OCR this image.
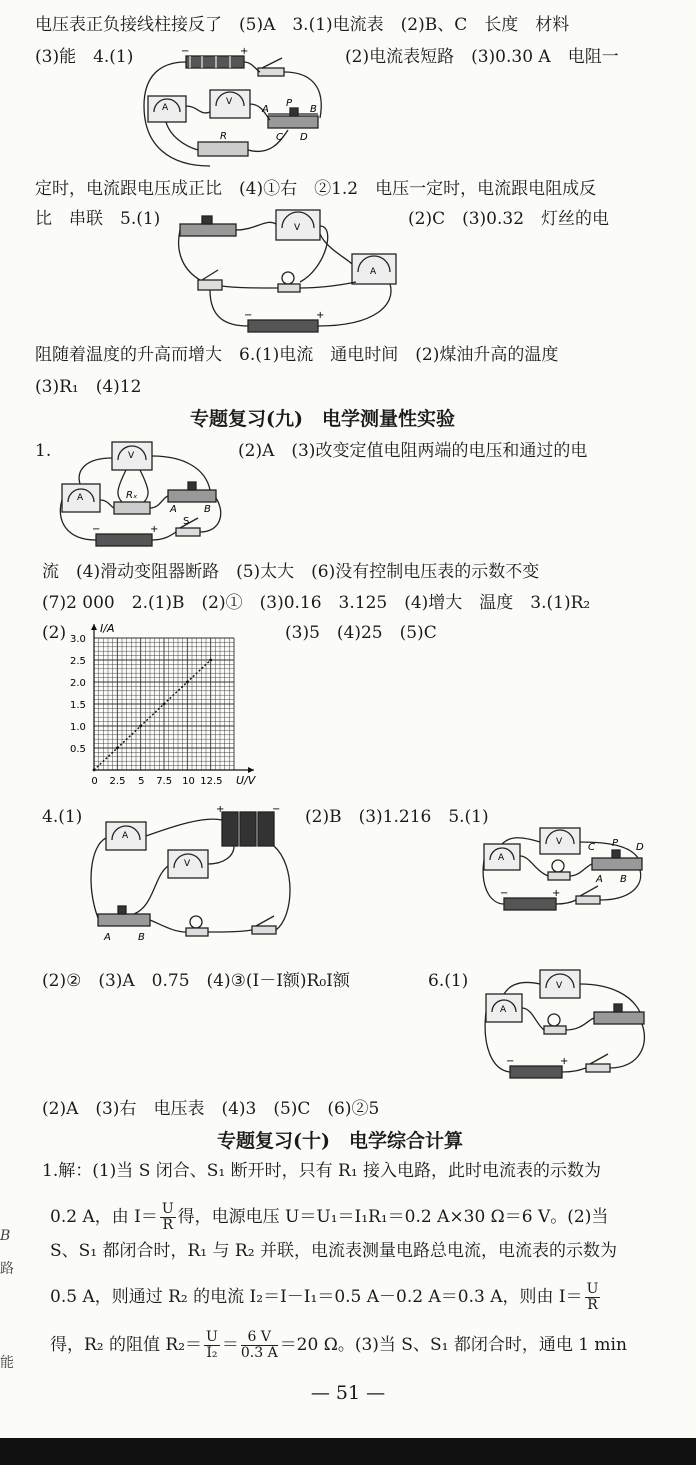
电压表正负接线柱接反了　(5)A　3.(1)电流表　(2)B、C　长度　材料
(3)能　4.(1)	(2)电流表短路　(3)0.30 A　电阻一
定时，电流跟电压成正比　(4)①右　②1.2　电压一定时，电流跟电阻成反
比　串联　5.(1)	(2)C　(3)0.32　灯丝的电
阻随着温度的升高而增大　6.(1)电流　通电时间　(2)煤油升高的温度
(3)R₁　(4)12
专题复习(九)　电学测量性实验
1.	(2)A　(3)改变定值电阻两端的电压和通过的电
流　(4)滑动变阻器断路　(5)太大　(6)没有控制电压表的示数不变
(7)2 000　2.(1)B　(2)①　(3)0.16　3.125　(4)增大　温度　3.(1)R₂
(2)	(3)5　(4)25　(5)C
4.(1)	(2)B　(3)1.216　5.(1)
(2)②　(3)A　0.75　(4)③(I－I额)R₀I额	6.(1)
(2)A　(3)右　电压表　(4)3　(5)C　(6)②5
专题复习(十)　电学综合计算
1.解：(1)当 S 闭合、S₁ 断开时，只有 R₁ 接入电路，此时电流表的示数为
0.2 A，由 $I= \frac{U}{R}$ 得，电源电压 U＝U₁＝I₁R₁＝0.2 A×30 Ω＝6 V。(2)当
S、S₁ 都闭合时，R₁ 与 R₂ 并联，电流表测量电路总电流，电流表的示数为
0.5 A，则通过 R₂ 的电流 I₂＝I－I₁＝0.5 A－0.2 A＝0.3 A，则由 $I= \frac{U}{R}$
得，R₂ 的阻值 $R_2= \frac{U}{\text{I₂}} = \frac{6 V}{0.3 A} =20$ Ω。(3)当 S、S₁ 都闭合时，通电 1 min
B
路
能
−	+
A
V
R
A
P
B
C D
V
A
−	+
V
A	Rₓ
A	B
S
−	+
0 2.5 5 7.5 10 12.5
0.5
1.0
1.5
2.0
2.5
3.0
I/A
U/V
A
V
A	B
+	−
V
A
C P D
A B
−	+
V
A
−	+
— 51 —
